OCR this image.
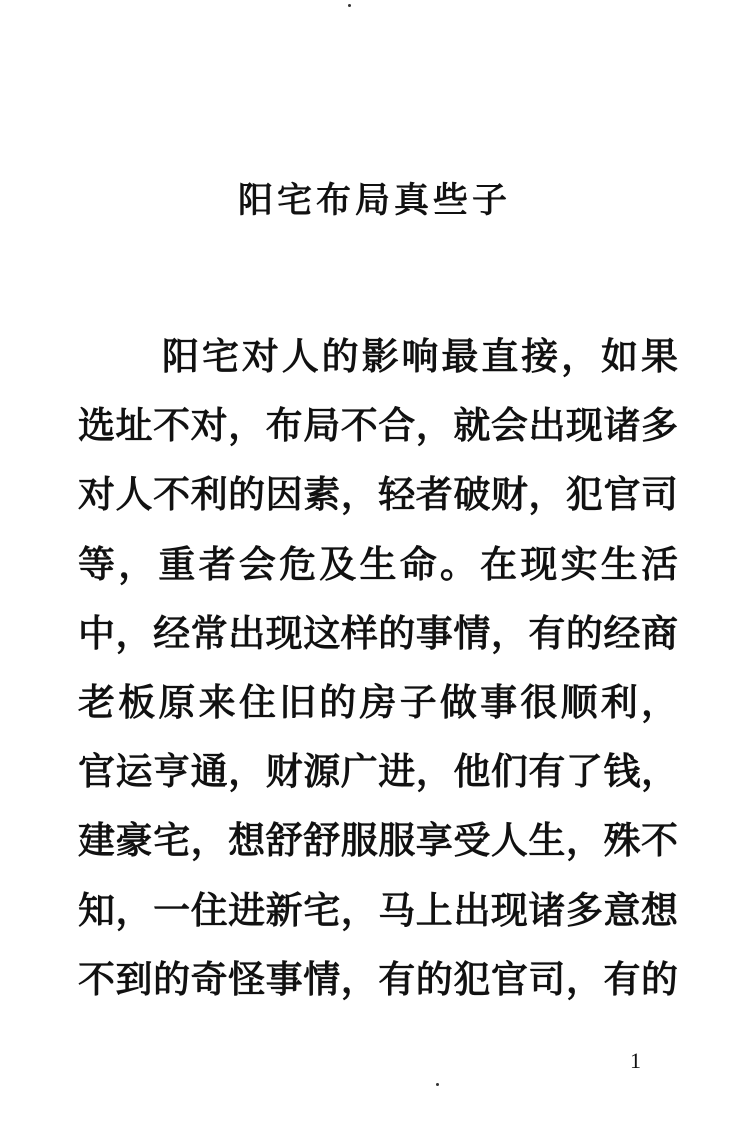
阳宅布局真些子
阳宅对人的影响最直接，如果
选址不对，布局不合，就会出现诸多
对人不利的因素，轻者破财，犯官司
等，重者会危及生命。在现实生活
中，经常出现这样的事情，有的经商
老板原来住旧的房子做事很顺利，
官运亨通，财源广进，他们有了钱，
建豪宅，想舒舒服服享受人生，殊不
知，一住进新宅，马上出现诸多意想
不到的奇怪事情，有的犯官司，有的
1
